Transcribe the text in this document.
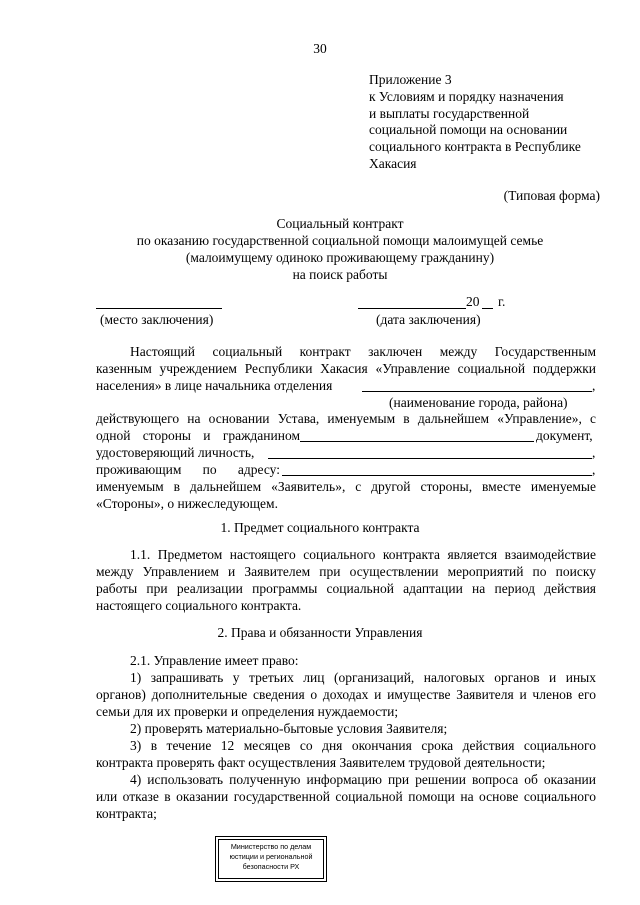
30
Приложение 3
к Условиям и порядку назначения
и выплаты государственной
социальной помощи на основании
социального контракта в Республике
Хакасия
(Типовая форма)
Социальный контракт
по оказанию государственной социальной помощи малоимущей семье
(малоимущему одиноко проживающему гражданину)
на поиск работы
20 г.
(место заключения)	(дата заключения)
Настоящий социальный контракт заключен между Государственным
казенным учреждением Республики Хакасия «Управление социальной поддержки
населения» в лице начальника отделения	,
(наименование города, района)
действующего на основании Устава, именуемым в дальнейшем «Управление», с
одной стороны и гражданином	документ,
удостоверяющий личность,	,
проживающим по адресу:	,
именуемым в дальнейшем «Заявитель», с другой стороны, вместе именуемые
«Стороны», о нижеследующем.
1. Предмет социального контракта
1.1. Предметом настоящего социального контракта является взаимодействие
между Управлением и Заявителем при осуществлении мероприятий по поиску
работы при реализации программы социальной адаптации на период действия
настоящего социального контракта.
2. Права и обязанности Управления
2.1. Управление имеет право:
1) запрашивать у третьих лиц (организаций, налоговых органов и иных
органов) дополнительные сведения о доходах и имуществе Заявителя и членов его
семьи для их проверки и определения нуждаемости;
2) проверять материально-бытовые условия Заявителя;
3) в течение 12 месяцев со дня окончания срока действия социального
контракта проверять факт осуществления Заявителем трудовой деятельности;
4) использовать полученную информацию при решении вопроса об оказании
или отказе в оказании государственной социальной помощи на основе социального
контракта;
Министерство по делам
юстиции и региональной
безопасности РХ
